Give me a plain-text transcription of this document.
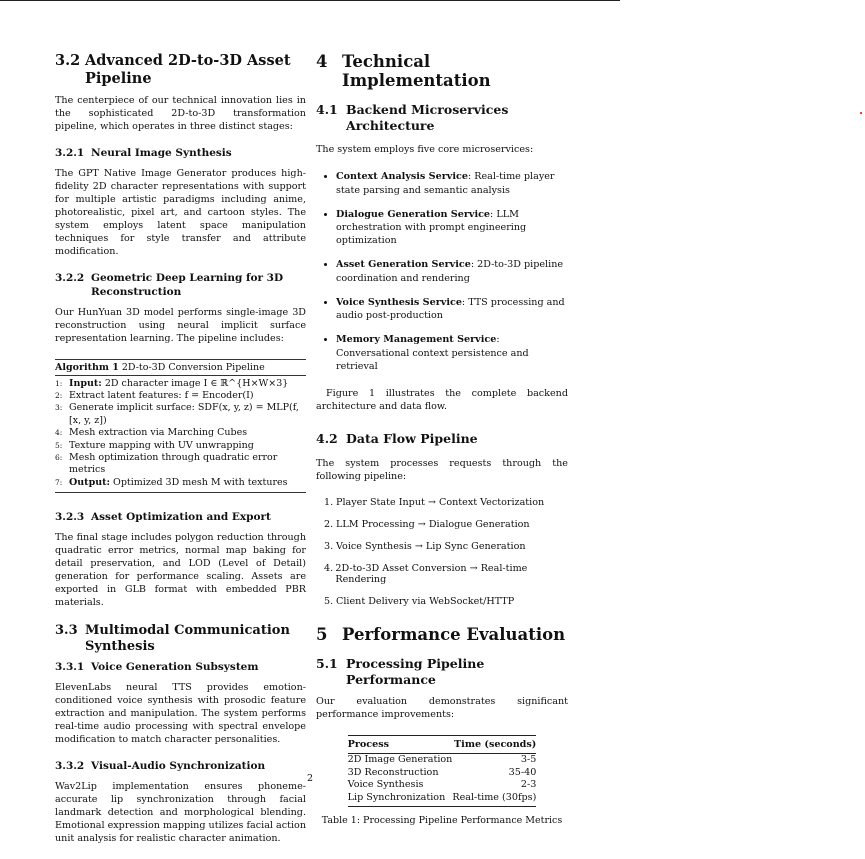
3.2 Advanced 2D-to-3D Asset Pipeline

The centerpiece of our technical innovation lies in the sophisticated 2D-to-3D transformation pipeline, which operates in three distinct stages:

3.2.1 Neural Image Synthesis

The GPT Native Image Generator produces high-fidelity 2D character representations with support for multiple artistic paradigms including anime, photorealistic, pixel art, and cartoon styles. The system employs latent space manipulation techniques for style transfer and attribute modification.

3.2.2 Geometric Deep Learning for 3D Reconstruction

Our HunYuan 3D model performs single-image 3D reconstruction using neural implicit surface representation learning. The pipeline includes:

Algorithm 1 2D-to-3D Conversion Pipeline
1: Input: 2D character image I ∈ ℝ^{H×W×3}
2: Extract latent features: f = Encoder(I)
3: Generate implicit surface: SDF(x, y, z) = MLP(f, [x, y, z])
4: Mesh extraction via Marching Cubes
5: Texture mapping with UV unwrapping
6: Mesh optimization through quadratic error metrics
7: Output: Optimized 3D mesh M with textures
3.2.3 Asset Optimization and Export

The final stage includes polygon reduction through quadratic error metrics, normal map baking for detail preservation, and LOD (Level of Detail) generation for performance scaling. Assets are exported in GLB format with embedded PBR materials.

3.3 Multimodal Communication Synthesis
3.3.1 Voice Generation Subsystem

ElevenLabs neural TTS provides emotion-conditioned voice synthesis with prosodic feature extraction and manipulation. The system performs real-time audio processing with spectral envelope modification to match character personalities.

3.3.2 Visual-Audio Synchronization

Wav2Lip implementation ensures phoneme-accurate lip synchronization through facial landmark detection and morphological blending. Emotional expression mapping utilizes facial action unit analysis for realistic character animation.

4 Technical Implementation
4.1 Backend Microservices Architecture

The system employs five core microservices:

• Context Analysis Service: Real-time player state parsing and semantic analysis
• Dialogue Generation Service: LLM orchestration with prompt engineering optimization
• Asset Generation Service: 2D-to-3D pipeline coordination and rendering
• Voice Synthesis Service: TTS processing and audio post-production
• Memory Management Service: Conversational context persistence and retrieval

Figure 1 illustrates the complete backend architecture and data flow.

4.2 Data Flow Pipeline

The system processes requests through the following pipeline:

1. Player State Input → Context Vectorization
2. LLM Processing → Dialogue Generation
3. Voice Synthesis → Lip Sync Generation
4. 2D-to-3D Asset Conversion → Real-time Rendering
5. Client Delivery via WebSocket/HTTP
5 Performance Evaluation
5.1 Processing Pipeline Performance

Our evaluation demonstrates significant performance improvements:

Process	Time (seconds)
2D Image Generation	3-5
3D Reconstruction	35-40
Voice Synthesis	2-3
Lip Synchronization	Real-time (30fps)
Table 1: Processing Pipeline Performance Metrics
2
